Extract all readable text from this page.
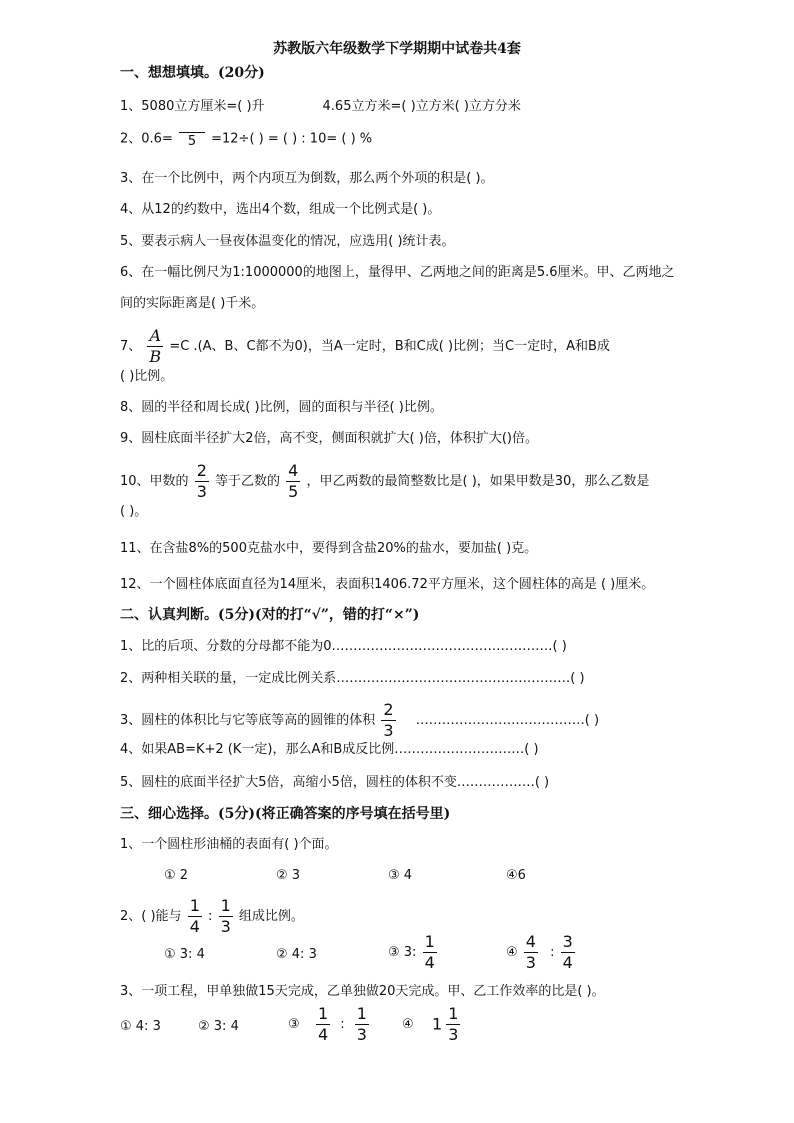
苏教版六年级数学下学期期中试卷共4套
一、想想填填。(20分)
1、5080立方厘米=( )升	4.65立方米=( )立方米( )立方分米
2、0.6=	5	=12÷( ) = ( ) : 10= ( ) %
3、在一个比例中，两个内项互为倒数，那么两个外项的积是( )。
4、从12的约数中，选出4个数，组成一个比例式是( )。
5、要表示病人一昼夜体温变化的情况，应选用( )统计表。
6、在一幅比例尺为1:1000000的地图上，量得甲、乙两地之间的距离是5.6厘米。甲、乙两地之
间的实际距离是( )千米。
7、 $\frac{A}{B} =C$ .(A、B、C都不为0)，当A一定时，B和C成( )比例；当C一定时，A和B成
( )比例。
8、圆的半径和周长成( )比例，圆的面积与半径( )比例。
9、圆柱底面半径扩大2倍，高不变，侧面积就扩大( )倍，体积扩大()倍。
10、甲数的 $\frac{2}{3}$ 等于乙数的 $\frac{4}{5}$ ，甲乙两数的最简整数比是( )，如果甲数是30，那么乙数是
( )。
11、在含盐8%的500克盐水中，要得到含盐20%的盐水，要加盐( )克。
12、一个圆柱体底面直径为14厘米，表面积1406.72平方厘米，这个圆柱体的高是 ( )厘米。
二、认真判断。(5分)(对的打“√”，错的打“×”)
1、比的后项、分数的分母都不能为0……………………………………………( )
2、两种相关联的量，一定成比例关系………………………………………………( )
3、圆柱的体积比与它等底等高的圆锥的体积 $\frac{2}{3}$ …………………………………( )
4、如果AB=K+2 (K一定)，那么A和B成反比例…………………………( )
5、圆柱的底面半径扩大5倍，高缩小5倍，圆柱的体积不变………………( )
三、细心选择。(5分)(将正确答案的序号填在括号里)
1、一个圆柱形油桶的表面有( )个面。
① 2	② 3	③ 4	④6
2、( )能与 $\frac{1}{4}$ : $\frac{1}{3}$ 组成比例。
① 3: 4	② 4: 3	③ 3: $\frac{1}{4}$	④ $\frac{4}{3}$ : $\frac{3}{4}$
3、一项工程，甲单独做15天完成，乙单独做20天完成。甲、乙工作效率的比是( )。
① 4: 3	② 3: 4	③ $\frac{1}{4}$ : $\frac{1}{3}$	④ $1 \frac{1}{3}$
